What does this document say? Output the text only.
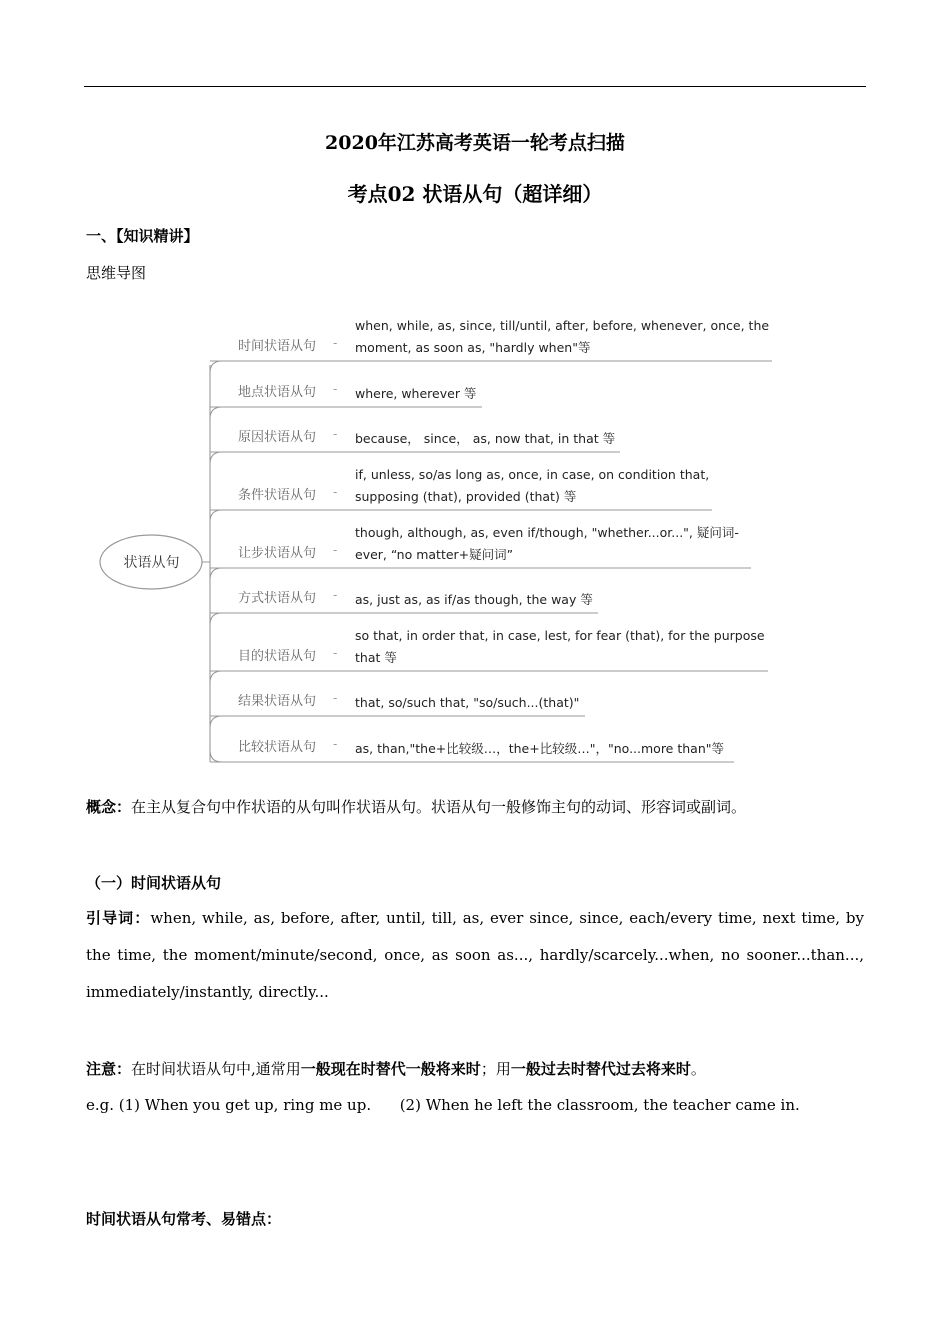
2020年江苏高考英语一轮考点扫描
考点02 状语从句（超详细）
一、【知识精讲】
思维导图
状语从句
时间状语从句 -
when, while, as, since, till/until, after, before, whenever, once, the
moment, as soon as, "hardly when"等
地点状语从句 - where, wherever 等
原因状语从句 - because， since， as, now that, in that 等
条件状语从句 -
if, unless, so/as long as, once, in case, on condition that,
supposing (that), provided (that) 等
让步状语从句 -
though, although, as, even if/though, "whether...or...", 疑问词-
ever, “no matter+疑问词”
方式状语从句 - as, just as, as if/as though, the way 等
目的状语从句 -
so that, in order that, in case, lest, for fear (that), for the purpose
that 等
结果状语从句 - that, so/such that, "so/such...(that)"
比较状语从句 - as, than,"the+比较级…，the+比较级…"，"no...more than"等
概念：在主从复合句中作状语的从句叫作状语从句。状语从句一般修饰主句的动词、形容词或副词。
（一）时间状语从句
引导词：when, while, as, before, after, until, till, as, ever since, since, each/every time, next time, by the time, the moment/minute/second, once, as soon as..., hardly/scarcely...when, no sooner...than..., immediately/instantly, directly...
注意：在时间状语从句中,通常用一般现在时替代一般将来时；用一般过去时替代过去将来时。
e.g. (1) When you get up, ring me up.      (2) When he left the classroom, the teacher came in.
时间状语从句常考、易错点：
